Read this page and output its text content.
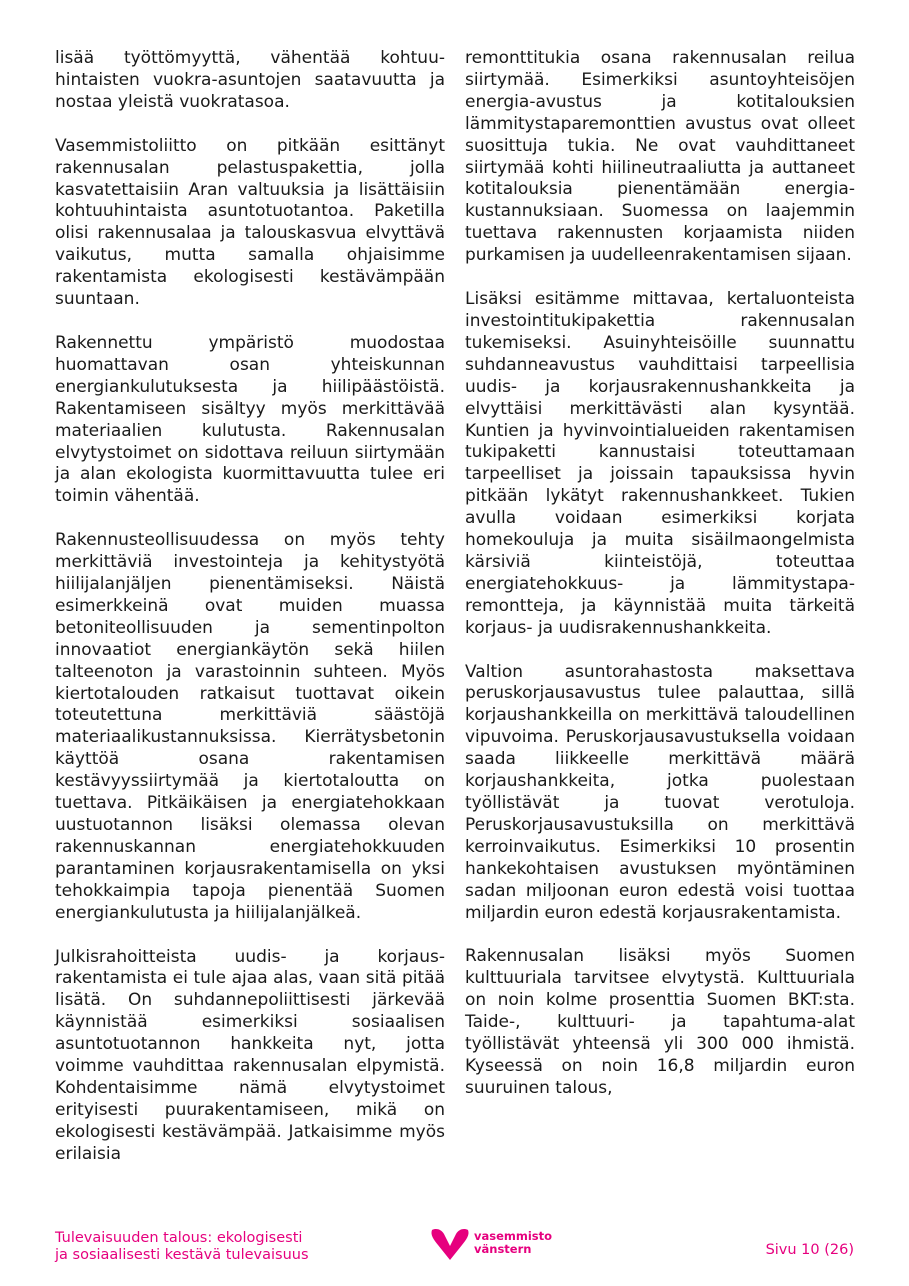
lisää työttömyyttä, vähentää kohtuuhintaisten vuokra-asuntojen saatavuutta ja nostaa yleistä vuokratasoa.

Vasemmistoliitto on pitkään esittänyt rakennusalan pelastuspakettia, jolla kasvatettaisiin Aran valtuuksia ja lisättäisiin kohtuuhintaista asuntotuotantoa. Paketilla olisi rakennusalaa ja talouskasvua elvyttävä vaikutus, mutta samalla ohjaisimme rakentamista ekologisesti kestävämpään suuntaan.

Rakennettu ympäristö muodostaa huomattavan osan yhteiskunnan energiankulutuksesta ja hiilipäästöistä. Rakentamiseen sisältyy myös merkittävää materiaalien kulutusta. Rakennusalan elvytystoimet on sidottava reiluun siirtymään ja alan ekologista kuormittavuutta tulee eri toimin vähentää.

Rakennusteollisuudessa on myös tehty merkittäviä investointeja ja kehitystyötä hiilijalanjäljen pienentämiseksi. Näistä esimerkkeinä ovat muiden muassa betoniteollisuuden ja sementinpolton innovaatiot energiankäytön sekä hiilen talteenoton ja varastoinnin suhteen. Myös kiertotalouden ratkaisut tuottavat oikein toteutettuna merkittäviä säästöjä materiaalikustannuksissa. Kierrätysbetonin käyttöä osana rakentamisen kestävyyssiirtymää ja kiertotaloutta on tuettava. Pitkäikäisen ja energiatehokkaan uustuotannon lisäksi olemassa olevan rakennuskannan energiatehokkuuden parantaminen korjausrakentamisella on yksi tehokkaimpia tapoja pienentää Suomen energiankulutusta ja hiilijalanjälkeä.

Julkisrahoitteista uudis- ja korjausrakentamista ei tule ajaa alas, vaan sitä pitää lisätä. On suhdannepoliittisesti järkevää käynnistää esimerkiksi sosiaalisen asuntotuotannon hankkeita nyt, jotta voimme vauhdittaa rakennusalan elpymistä. Kohdentaisimme nämä elvytystoimet erityisesti puurakentamiseen, mikä on ekologisesti kestävämpää. Jatkaisimme myös erilaisia

remonttitukia osana rakennusalan reilua siirtymää. Esimerkiksi asuntoyhteisöjen energia-avustus ja kotitalouksien lämmitystaparemonttien avustus ovat olleet suosittuja tukia. Ne ovat vauhdittaneet siirtymää kohti hiilineutraaliutta ja auttaneet kotitalouksia pienentämään energiakustannuksiaan. Suomessa on laajemmin tuettava rakennusten korjaamista niiden purkamisen ja uudelleenrakentamisen sijaan.

Lisäksi esitämme mittavaa, kertaluonteista investointitukipakettia rakennusalan tukemiseksi. Asuinyhteisöille suunnattu suhdanneavustus vauhdittaisi tarpeellisia uudis- ja korjausrakennushankkeita ja elvyttäisi merkittävästi alan kysyntää. Kuntien ja hyvinvointialueiden rakentamisen tukipaketti kannustaisi toteuttamaan tarpeelliset ja joissain tapauksissa hyvin pitkään lykätyt rakennushankkeet. Tukien avulla voidaan esimerkiksi korjata homekouluja ja muita sisäilmaongelmista kärsiviä kiinteistöjä, toteuttaa energiatehokkuus- ja lämmitystaparemontteja, ja käynnistää muita tärkeitä korjaus- ja uudisrakennushankkeita.

Valtion asuntorahastosta maksettava peruskorjausavustus tulee palauttaa, sillä korjaushankkeilla on merkittävä taloudellinen vipuvoima. Peruskorjausavustuksella voidaan saada liikkeelle merkittävä määrä korjaushankkeita, jotka puolestaan työllistävät ja tuovat verotuloja. Peruskorjausavustuksilla on merkittävä kerroinvaikutus. Esimerkiksi 10 prosentin hankekohtaisen avustuksen myöntäminen sadan miljoonan euron edestä voisi tuottaa miljardin euron edestä korjausrakentamista.

Rakennusalan lisäksi myös Suomen kulttuuriala tarvitsee elvytystä. Kulttuuriala on noin kolme prosenttia Suomen BKT:sta. Taide-, kulttuuri- ja tapahtuma-alat työllistävät yhteensä yli 300 000 ihmistä. Kyseessä on noin 16,8 miljardin euron suuruinen talous,

Tulevaisuuden talous: ekologisesti
ja sosiaalisesti kestävä tulevaisuus
vasemmisto
vänstern	Sivu 10 (26)
